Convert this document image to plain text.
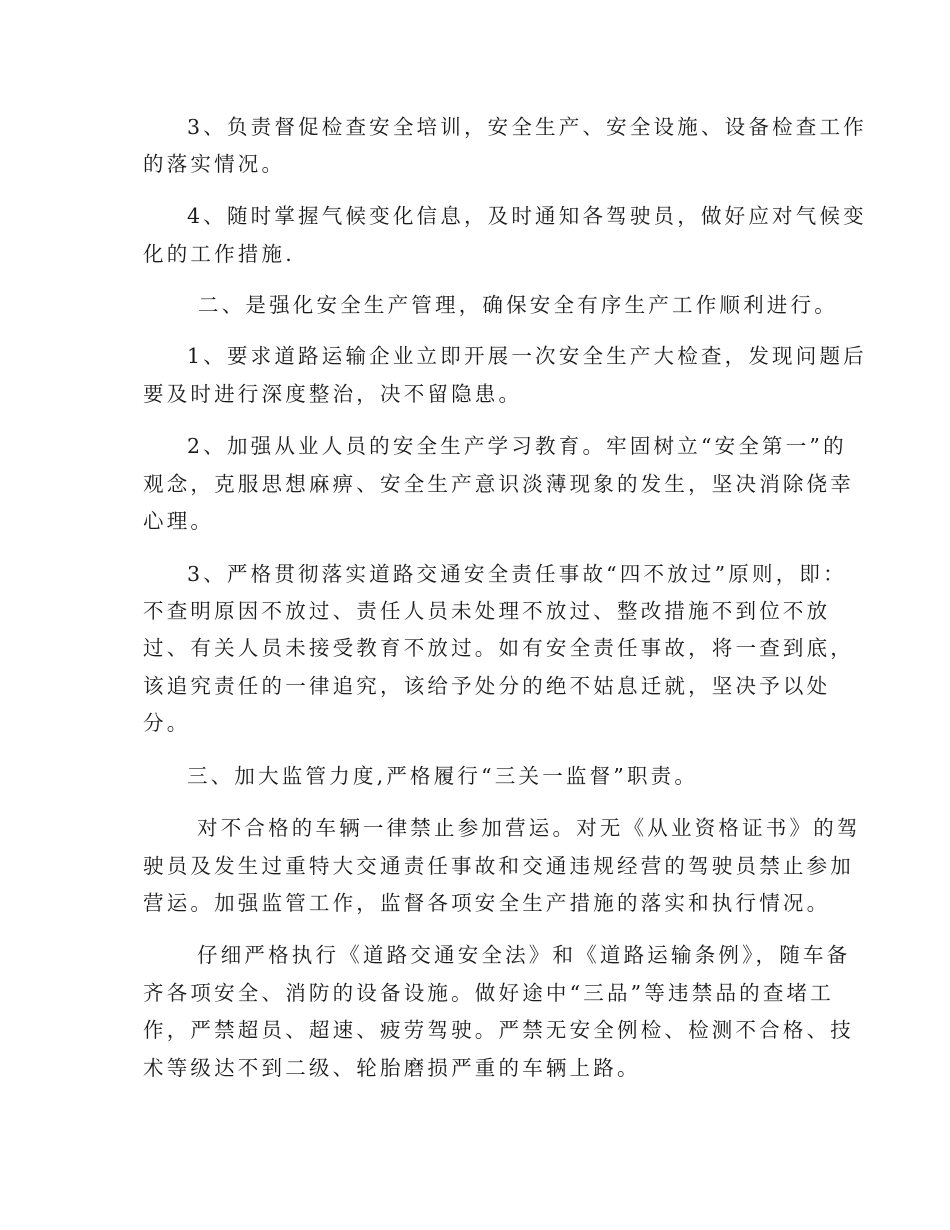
3、负责督促检查安全培训，安全生产、安全设施、设备检查工作
的落实情况。
4、随时掌握气候变化信息，及时通知各驾驶员，做好应对气候变
化的工作措施.
二、是强化安全生产管理，确保安全有序生产工作顺利进行。
1、要求道路运输企业立即开展一次安全生产大检查，发现问题后
要及时进行深度整治，决不留隐患。
2、加强从业人员的安全生产学习教育。牢固树立“安全第一”的
观念，克服思想麻痹、安全生产意识淡薄现象的发生，坚决消除侥幸
心理。
3、严格贯彻落实道路交通安全责任事故“四不放过”原则，即：
不查明原因不放过、责任人员未处理不放过、整改措施不到位不放
过、有关人员未接受教育不放过。如有安全责任事故，将一查到底，
该追究责任的一律追究，该给予处分的绝不姑息迁就，坚决予以处
分。
三、加大监管力度,严格履行“三关一监督”职责。
对不合格的车辆一律禁止参加营运。对无《从业资格证书》的驾
驶员及发生过重特大交通责任事故和交通违规经营的驾驶员禁止参加
营运。加强监管工作，监督各项安全生产措施的落实和执行情况。
仔细严格执行《道路交通安全法》和《道路运输条例》，随车备
齐各项安全、消防的设备设施。做好途中“三品”等违禁品的查堵工
作，严禁超员、超速、疲劳驾驶。严禁无安全例检、检测不合格、技
术等级达不到二级、轮胎磨损严重的车辆上路。
